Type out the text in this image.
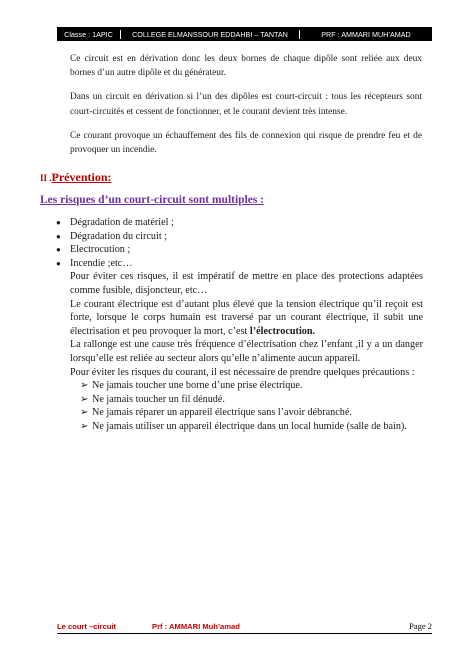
Classe : 1APIC	COLLEGE ELMANSSOUR EDDAHBI – TANTAN	PRF : AMMARI MUH’AMAD

Ce circuit est en dérivation donc les deux bornes de chaque dipôle sont reliée aux deux bornes d’un autre dipôle et du générateur.

Dans un circuit en dérivation si l’un des dipôles est court-circuit : tous les récepteurs sont court-circuités et cessent de fonctionner, et le courant devient très intense.

Ce courant provoque un échauffement des fils de connexion qui risque de prendre feu et de provoquer un incendie.

II .Prévention:
Les risques d’un court-circuit sont multiples :
● Dégradation de matériel ;
● Dégradation du circuit ;
● Electrocution ;
● Incendie ;etc…
Pour éviter ces risques, il est impératif de mettre en place des protections adaptées comme fusible, disjoncteur, etc…
Le courant électrique est d’autant plus élevé que la tension électrique qu’il reçoit est forte, lorsque le corps humain est traversé par un courant électrique, il subit une électrisation et peu provoquer la mort, c’est l’électrocution.
La rallonge est une cause très fréquence d’électrisation chez l’enfant ,il y a un danger lorsqu’elle est reliée au secteur alors qu’elle n’alimente aucun appareil.
Pour éviter les risques du courant, il est nécessaire de prendre quelques précautions :
➢ Ne jamais toucher une borne d’une prise électrique.
➢ Ne jamais toucher un fil dénudé.
➢ Ne jamais réparer un appareil électrique sans l’avoir débranché.
➢ Ne jamais utiliser un appareil électrique dans un local humide (salle de bain).
Le court –circuit	Prf : AMMARI Muh’amad	Page 2
